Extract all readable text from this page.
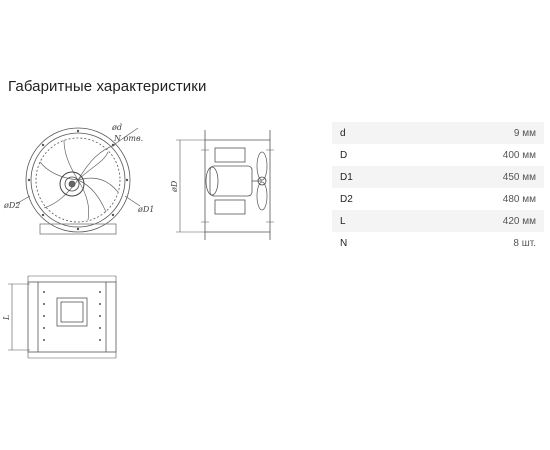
Габаритные характеристики
ød
N отв.
øD2	øD1
øD
L
d	9 мм
D	400 мм
D1	450 мм
D2	480 мм
L	420 мм
N	8 шт.
